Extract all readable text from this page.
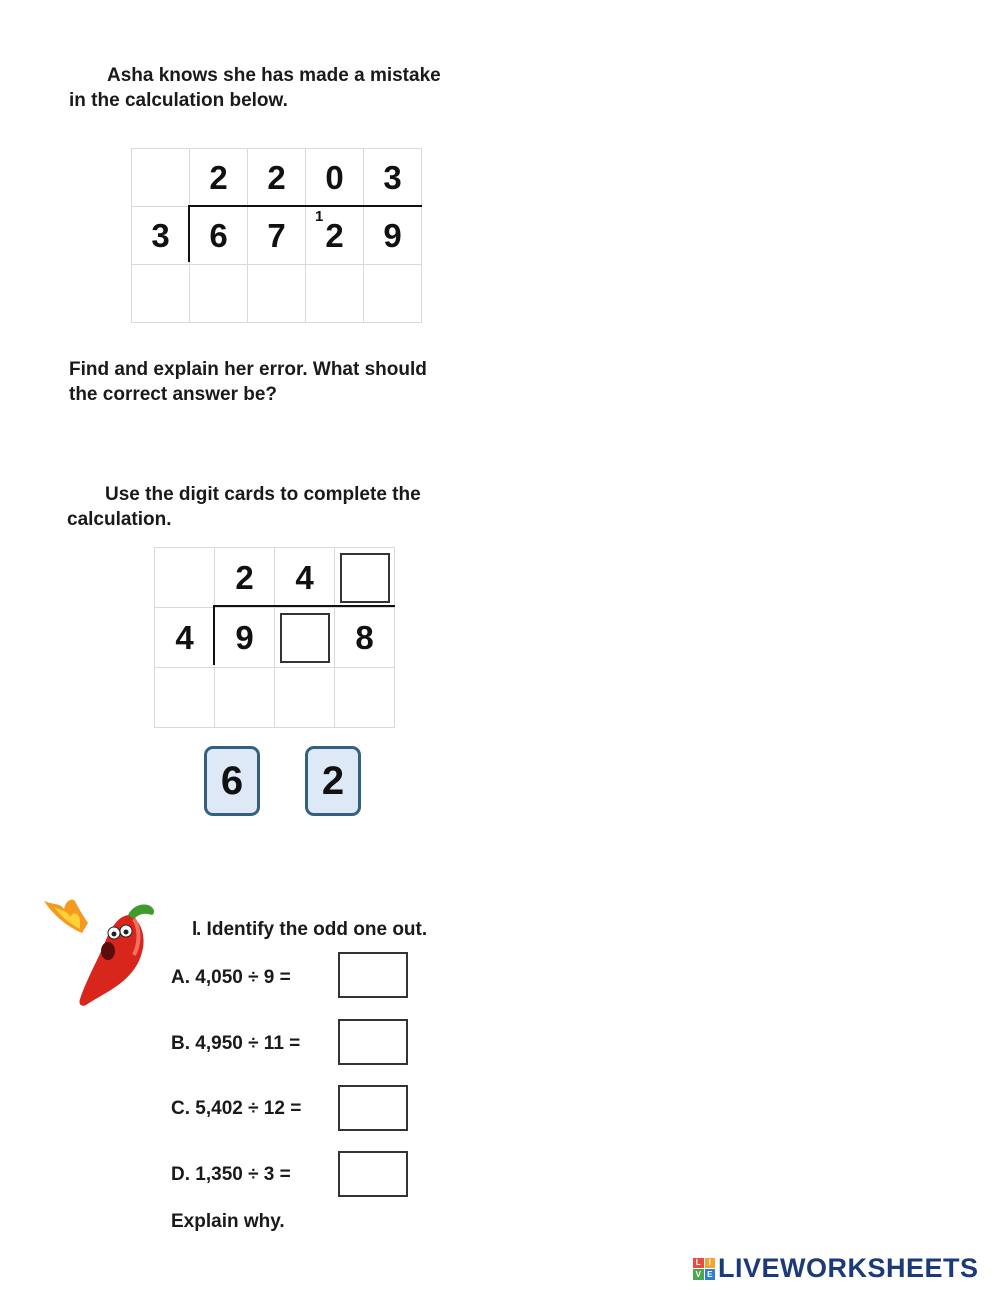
Asha knows she has made a mistake
in the calculation below.
	2	2	0	3
3	6	7	2	9

1
Find and explain her error. What should
the correct answer be?
Use the digit cards to complete the
calculation.
	2	4	
4	9		8

6	2
l
. Identify the odd one out.
A. 4,050 ÷ 9 =
B. 4,950 ÷ 11 =
C. 5,402 ÷ 12 =
D. 1,350 ÷ 3 =
Explain why.
L I
V E LIVEWORKSHEETS
